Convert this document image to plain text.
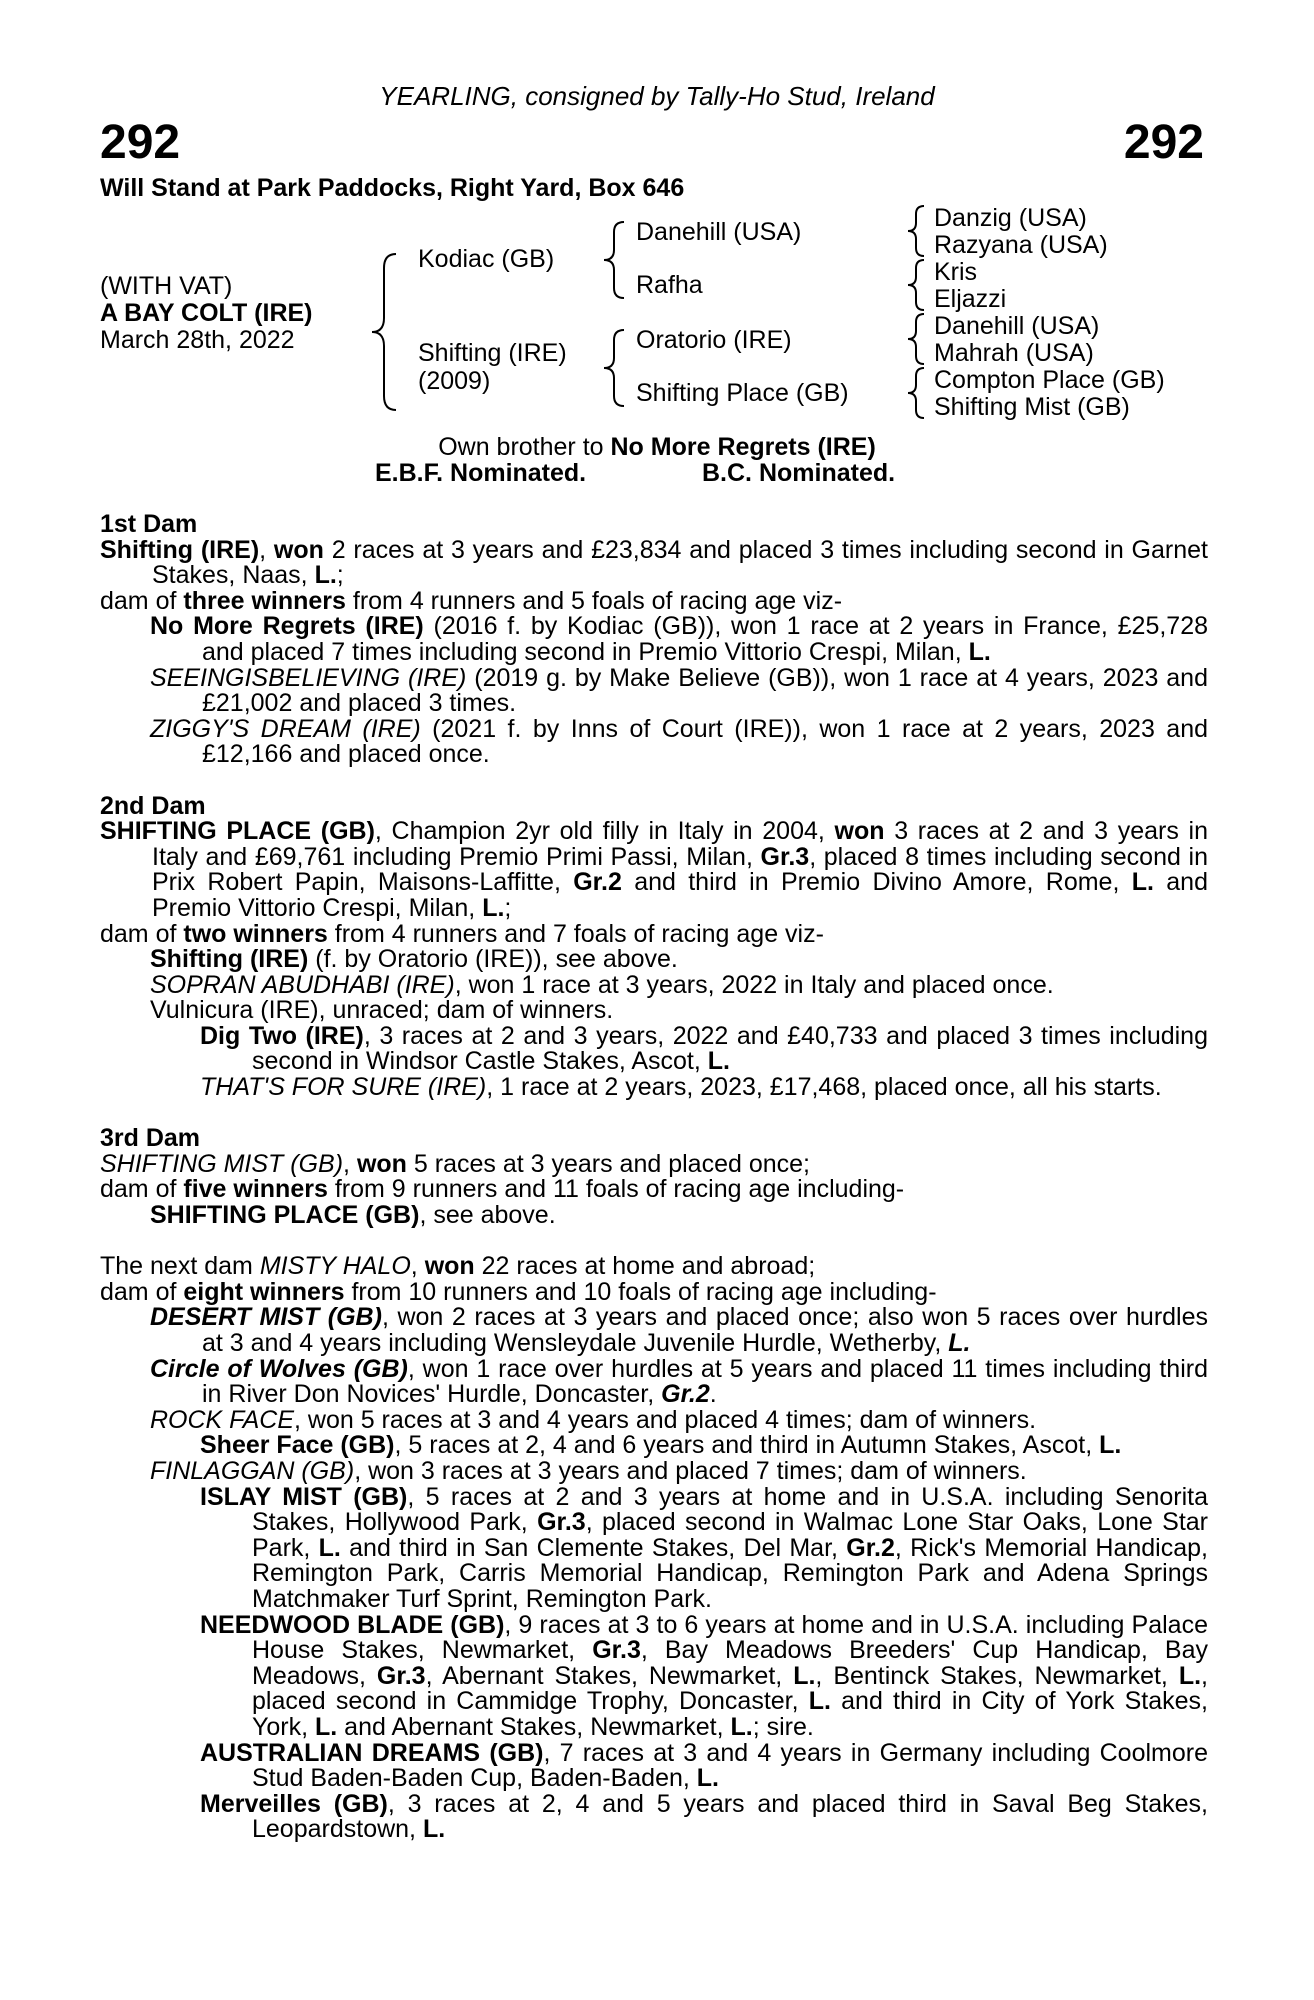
YEARLING, consigned by Tally-Ho Stud, Ireland
292	292
Will Stand at Park Paddocks, Right Yard, Box 646
(WITH VAT)
A BAY COLT (IRE)
March 28th, 2022
Kodiac (GB)
Shifting (IRE)
(2009)
Danehill (USA)
Rafha
Oratorio (IRE)
Shifting Place (GB)
Danzig (USA)
Razyana (USA)
Kris
Eljazzi
Danehill (USA)
Mahrah (USA)
Compton Place (GB)
Shifting Mist (GB)
Own brother to No More Regrets (IRE)
E.B.F. Nominated.	B.C. Nominated.
1st Dam
Shifting (IRE), won 2 races at 3 years and £23,834 and placed 3 times including second in Garnet Stakes, Naas, L.;
dam of three winners from 4 runners and 5 foals of racing age viz-
No More Regrets (IRE) (2016 f. by Kodiac (GB)), won 1 race at 2 years in France, £25,728 and placed 7 times including second in Premio Vittorio Crespi, Milan, L.
SEEINGISBELIEVING (IRE) (2019 g. by Make Believe (GB)), won 1 race at 4 years, 2023 and £21,002 and placed 3 times.
ZIGGY'S DREAM (IRE) (2021 f. by Inns of Court (IRE)), won 1 race at 2 years, 2023 and £12,166 and placed once.
2nd Dam
SHIFTING PLACE (GB), Champion 2yr old filly in Italy in 2004, won 3 races at 2 and 3 years in Italy and £69,761 including Premio Primi Passi, Milan, Gr.3, placed 8 times including second in Prix Robert Papin, Maisons-Laffitte, Gr.2 and third in Premio Divino Amore, Rome, L. and Premio Vittorio Crespi, Milan, L.;
dam of two winners from 4 runners and 7 foals of racing age viz-
Shifting (IRE) (f. by Oratorio (IRE)), see above.
SOPRAN ABUDHABI (IRE), won 1 race at 3 years, 2022 in Italy and placed once.
Vulnicura (IRE), unraced; dam of winners.
Dig Two (IRE), 3 races at 2 and 3 years, 2022 and £40,733 and placed 3 times including second in Windsor Castle Stakes, Ascot, L.
THAT'S FOR SURE (IRE), 1 race at 2 years, 2023, £17,468, placed once, all his starts.
3rd Dam
SHIFTING MIST (GB), won 5 races at 3 years and placed once;
dam of five winners from 9 runners and 11 foals of racing age including-
SHIFTING PLACE (GB), see above.
The next dam MISTY HALO, won 22 races at home and abroad;
dam of eight winners from 10 runners and 10 foals of racing age including-
DESERT MIST (GB), won 2 races at 3 years and placed once; also won 5 races over hurdles at 3 and 4 years including Wensleydale Juvenile Hurdle, Wetherby, L.
Circle of Wolves (GB), won 1 race over hurdles at 5 years and placed 11 times including third in River Don Novices' Hurdle, Doncaster, Gr.2.
ROCK FACE, won 5 races at 3 and 4 years and placed 4 times; dam of winners.
Sheer Face (GB), 5 races at 2, 4 and 6 years and third in Autumn Stakes, Ascot, L.
FINLAGGAN (GB), won 3 races at 3 years and placed 7 times; dam of winners.
ISLAY MIST (GB), 5 races at 2 and 3 years at home and in U.S.A. including Senorita Stakes, Hollywood Park, Gr.3, placed second in Walmac Lone Star Oaks, Lone Star Park, L. and third in San Clemente Stakes, Del Mar, Gr.2, Rick's Memorial Handicap, Remington Park, Carris Memorial Handicap, Remington Park and Adena Springs Matchmaker Turf Sprint, Remington Park.
NEEDWOOD BLADE (GB), 9 races at 3 to 6 years at home and in U.S.A. including Palace House Stakes, Newmarket, Gr.3, Bay Meadows Breeders' Cup Handicap, Bay Meadows, Gr.3, Abernant Stakes, Newmarket, L., Bentinck Stakes, Newmarket, L., placed second in Cammidge Trophy, Doncaster, L. and third in City of York Stakes, York, L. and Abernant Stakes, Newmarket, L.; sire.
AUSTRALIAN DREAMS (GB), 7 races at 3 and 4 years in Germany including Coolmore Stud Baden-Baden Cup, Baden-Baden, L.
Merveilles (GB), 3 races at 2, 4 and 5 years and placed third in Saval Beg Stakes, Leopardstown, L.
